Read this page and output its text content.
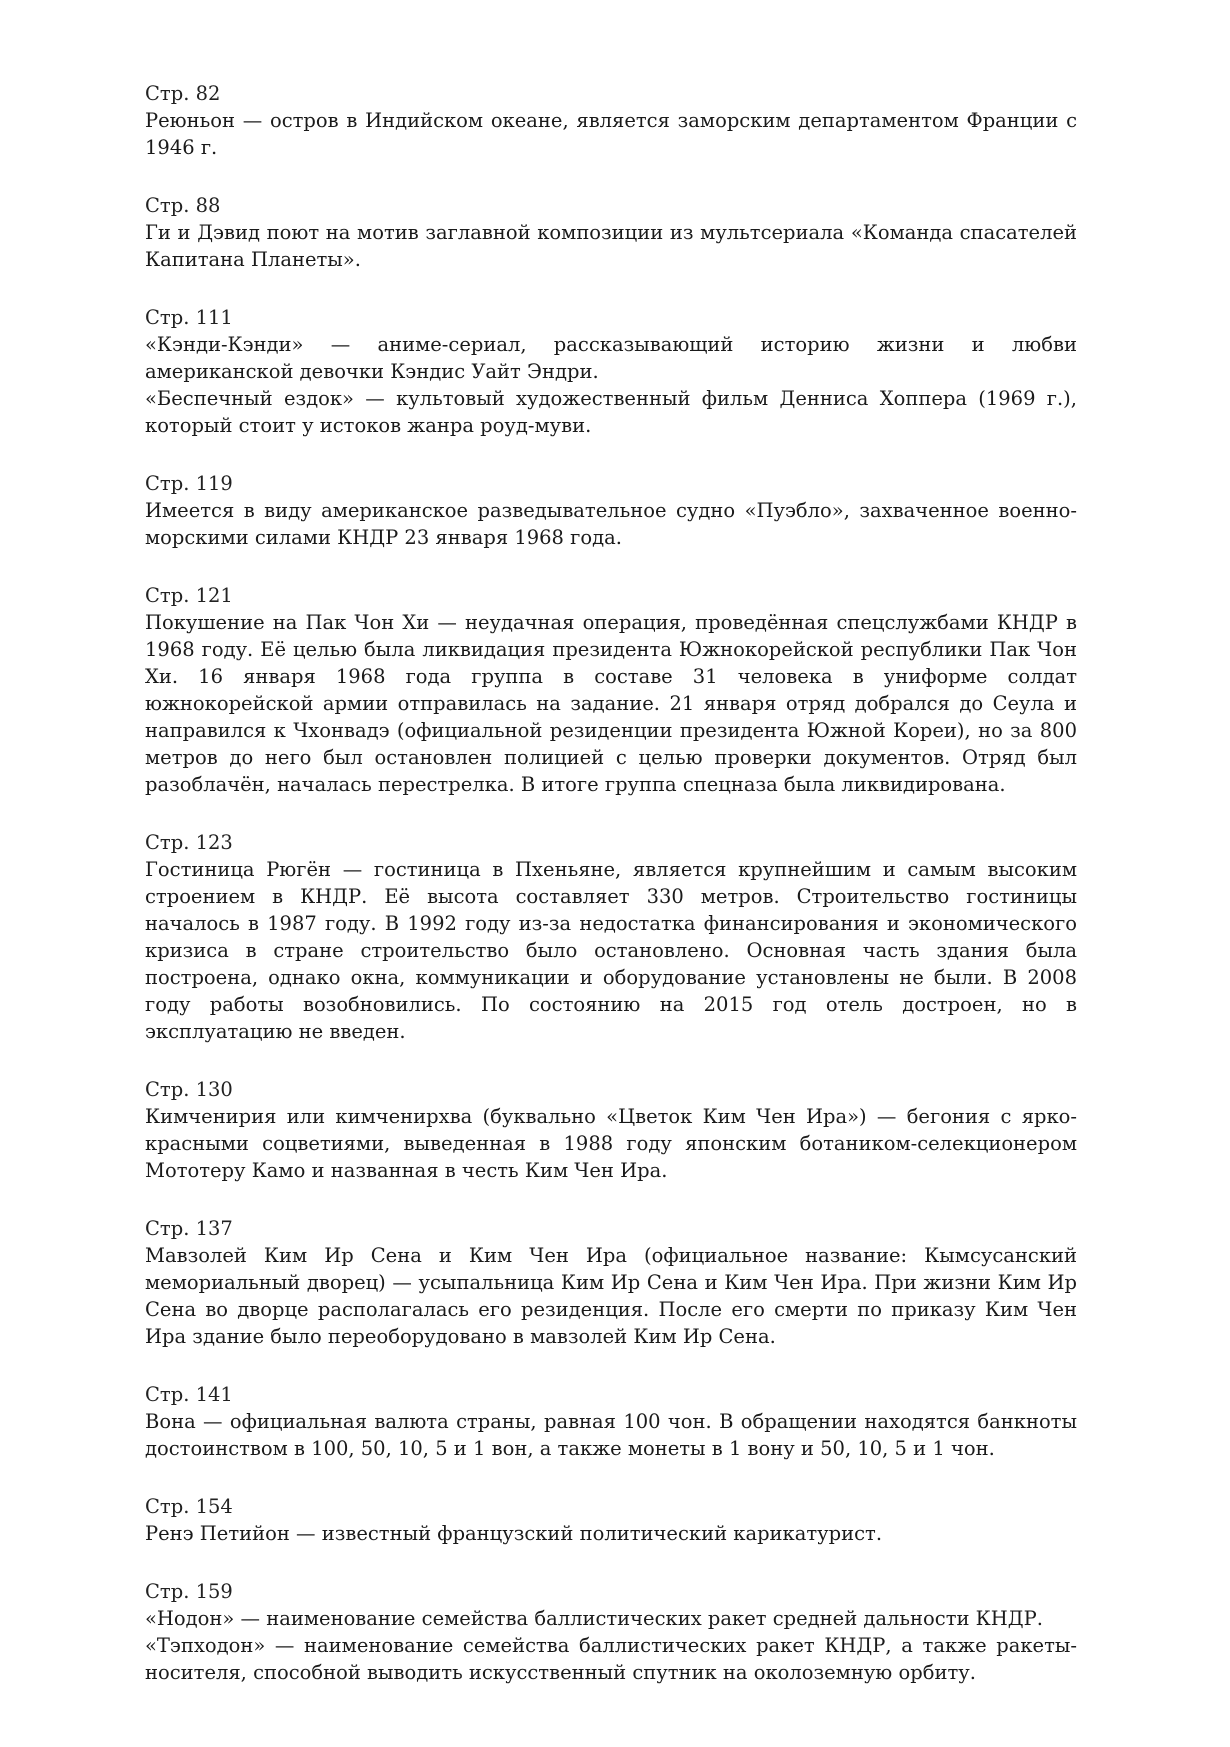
Стр. 82

Реюньон — остров в Индийском океане, является заморским департаментом Франции с 1946 г.

Стр. 88

Ги и Дэвид поют на мотив заглавной композиции из мультсериала «Команда спасателей Капитана Планеты».

Стр. 111

«Кэнди-Кэнди» — аниме-сериал, рассказывающий историю жизни и любви американской девочки Кэндис Уайт Эндри.

«Беспечный ездок» — культовый художественный фильм Денниса Хоппера (1969 г.), который стоит у истоков жанра роуд-муви.

Стр. 119

Имеется в виду американское разведывательное судно «Пуэбло», захваченное военно-морскими силами КНДР 23 января 1968 года.

Стр. 121

Покушение на Пак Чон Хи — неудачная операция, проведённая спецслужбами КНДР в 1968 году. Её целью была ликвидация президента Южнокорейской республики Пак Чон Хи. 16 января 1968 года группа в составе 31 человека в униформе солдат южнокорейской армии отправилась на задание. 21 января отряд добрался до Сеула и направился к Чхонвадэ (официальной резиденции президента Южной Кореи), но за 800 метров до него был остановлен полицией с целью проверки документов. Отряд был разоблачён, началась перестрелка. В итоге группа спецназа была ликвидирована.

Стр. 123

Гостиница Рюгён — гостиница в Пхеньяне, является крупнейшим и самым высоким строением в КНДР. Её высота составляет 330 метров. Строительство гостиницы началось в 1987 году. В 1992 году из-за недостатка финансирования и экономического кризиса в стране строительство было остановлено. Основная часть здания была построена, однако окна, коммуникации и оборудование установлены не были. В 2008 году работы возобновились. По состоянию на 2015 год отель достроен, но в эксплуатацию не введен.

Стр. 130

Кимченирия или кимченирхва (буквально «Цветок Ким Чен Ира») — бегония с ярко-красными соцветиями, выведенная в 1988 году японским ботаником-селекционером Мототеру Камо и названная в честь Ким Чен Ира.

Стр. 137

Мавзолей Ким Ир Сена и Ким Чен Ира (официальное название: Кымсусанский мемориальный дворец) — усыпальница Ким Ир Сена и Ким Чен Ира. При жизни Ким Ир Сена во дворце располагалась его резиденция. После его смерти по приказу Ким Чен Ира здание было переоборудовано в мавзолей Ким Ир Сена.

Стр. 141

Вона — официальная валюта страны, равная 100 чон. В обращении находятся банкноты достоинством в 100, 50, 10, 5 и 1 вон, а также монеты в 1 вону и 50, 10, 5 и 1 чон.

Стр. 154

Ренэ Петийон — известный французский политический карикатурист.

Стр. 159

«Нодон» — наименование семейства баллистических ракет средней дальности КНДР.

«Тэпходон» — наименование семейства баллистических ракет КНДР, а также ракеты-носителя, способной выводить искусственный спутник на околоземную орбиту.
